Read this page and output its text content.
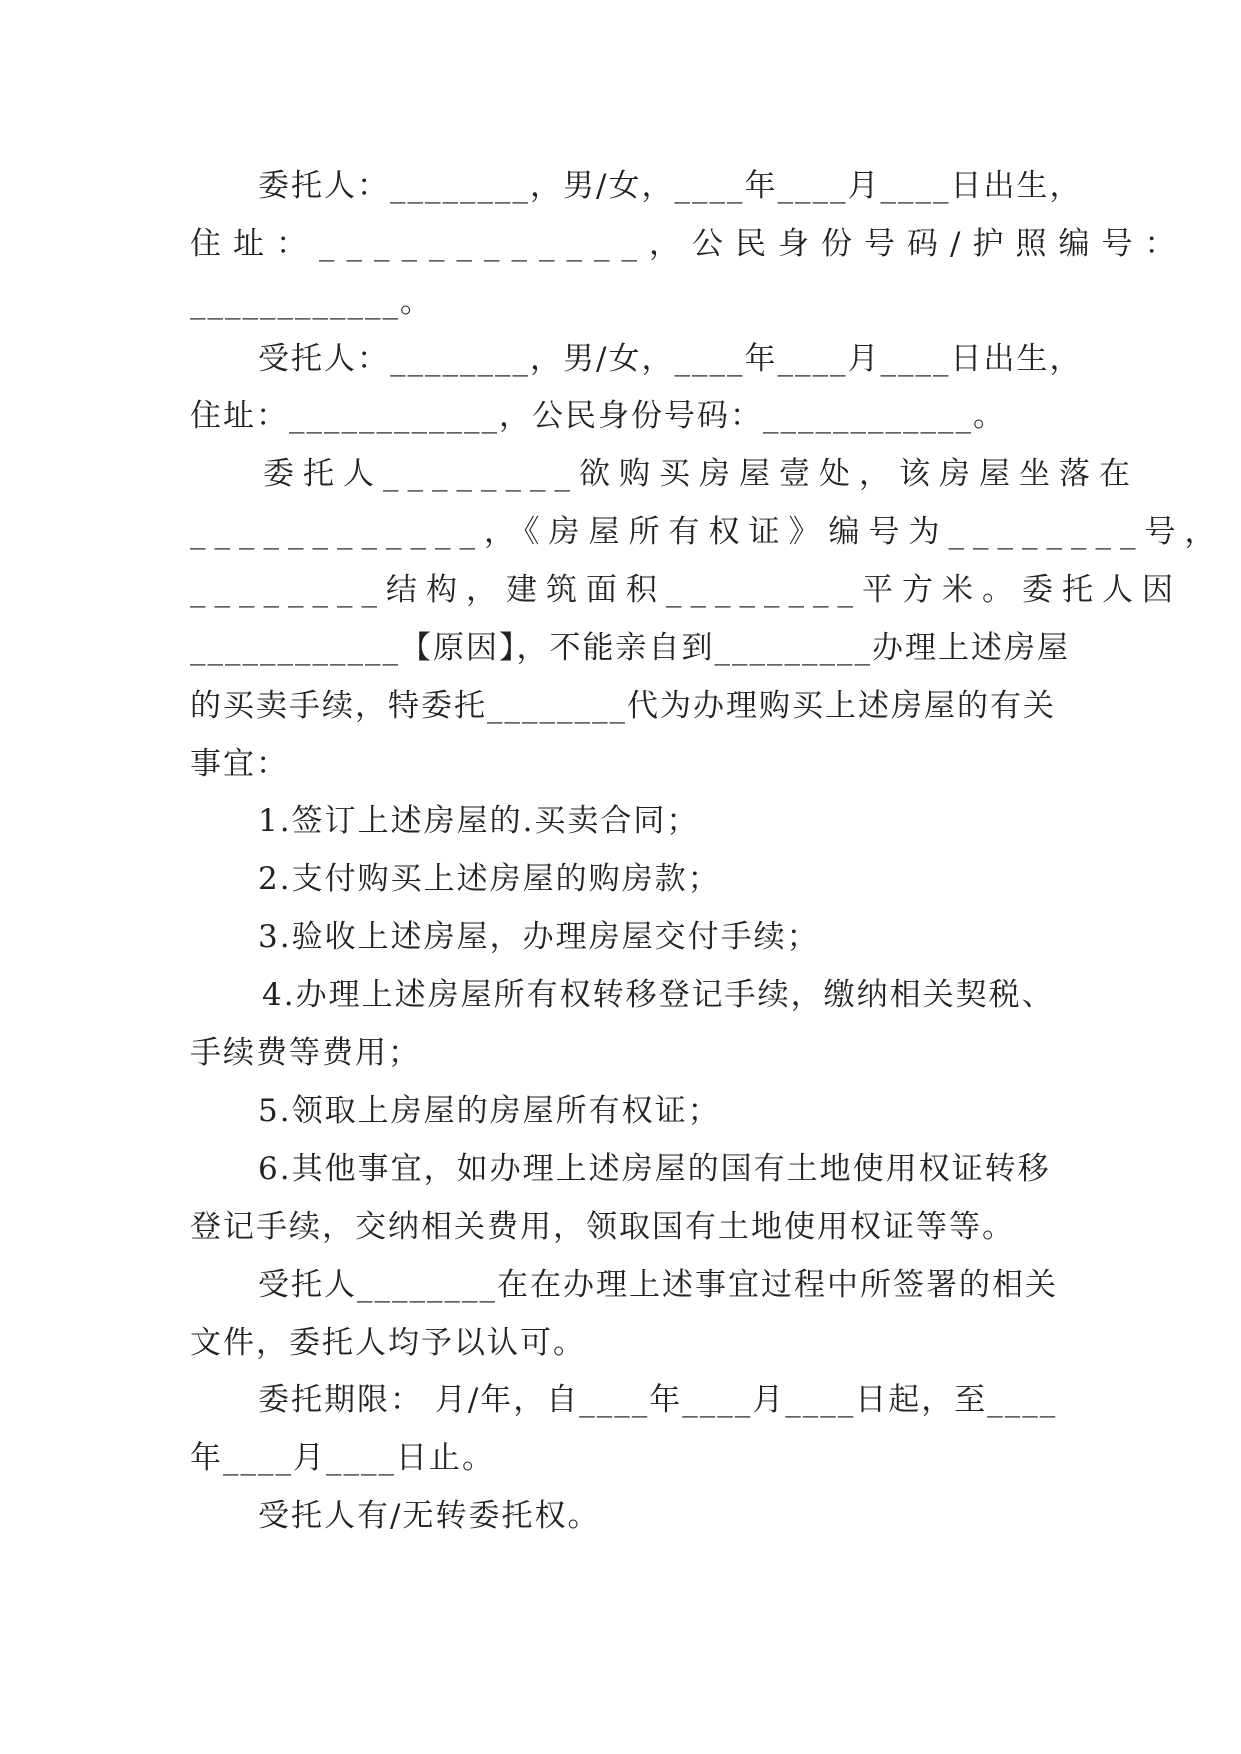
委托人：________，男/女，____年____月____日出生，
住址：____________，公民身份号码/护照编号：
____________。
受托人：________，男/女，____年____月____日出生，
住址：____________，公民身份号码：____________。
委托人________欲购买房屋壹处，该房屋坐落在
____________，《房屋所有权证》编号为________号，
________结构，建筑面积________平方米。委托人因
____________【原因】，不能亲自到_________办理上述房屋
的买卖手续，特委托________代为办理购买上述房屋的有关
事宜：
1.签订上述房屋的.买卖合同；
2.支付购买上述房屋的购房款；
3.验收上述房屋，办理房屋交付手续；
4.办理上述房屋所有权转移登记手续，缴纳相关契税、
手续费等费用；
5.领取上房屋的房屋所有权证；
6.其他事宜，如办理上述房屋的国有土地使用权证转移
登记手续，交纳相关费用，领取国有土地使用权证等等。
受托人________在在办理上述事宜过程中所签署的相关
文件，委托人均予以认可。
委托期限： 月/年，自____年____月____日起，至____
年____月____日止。
受托人有/无转委托权。
